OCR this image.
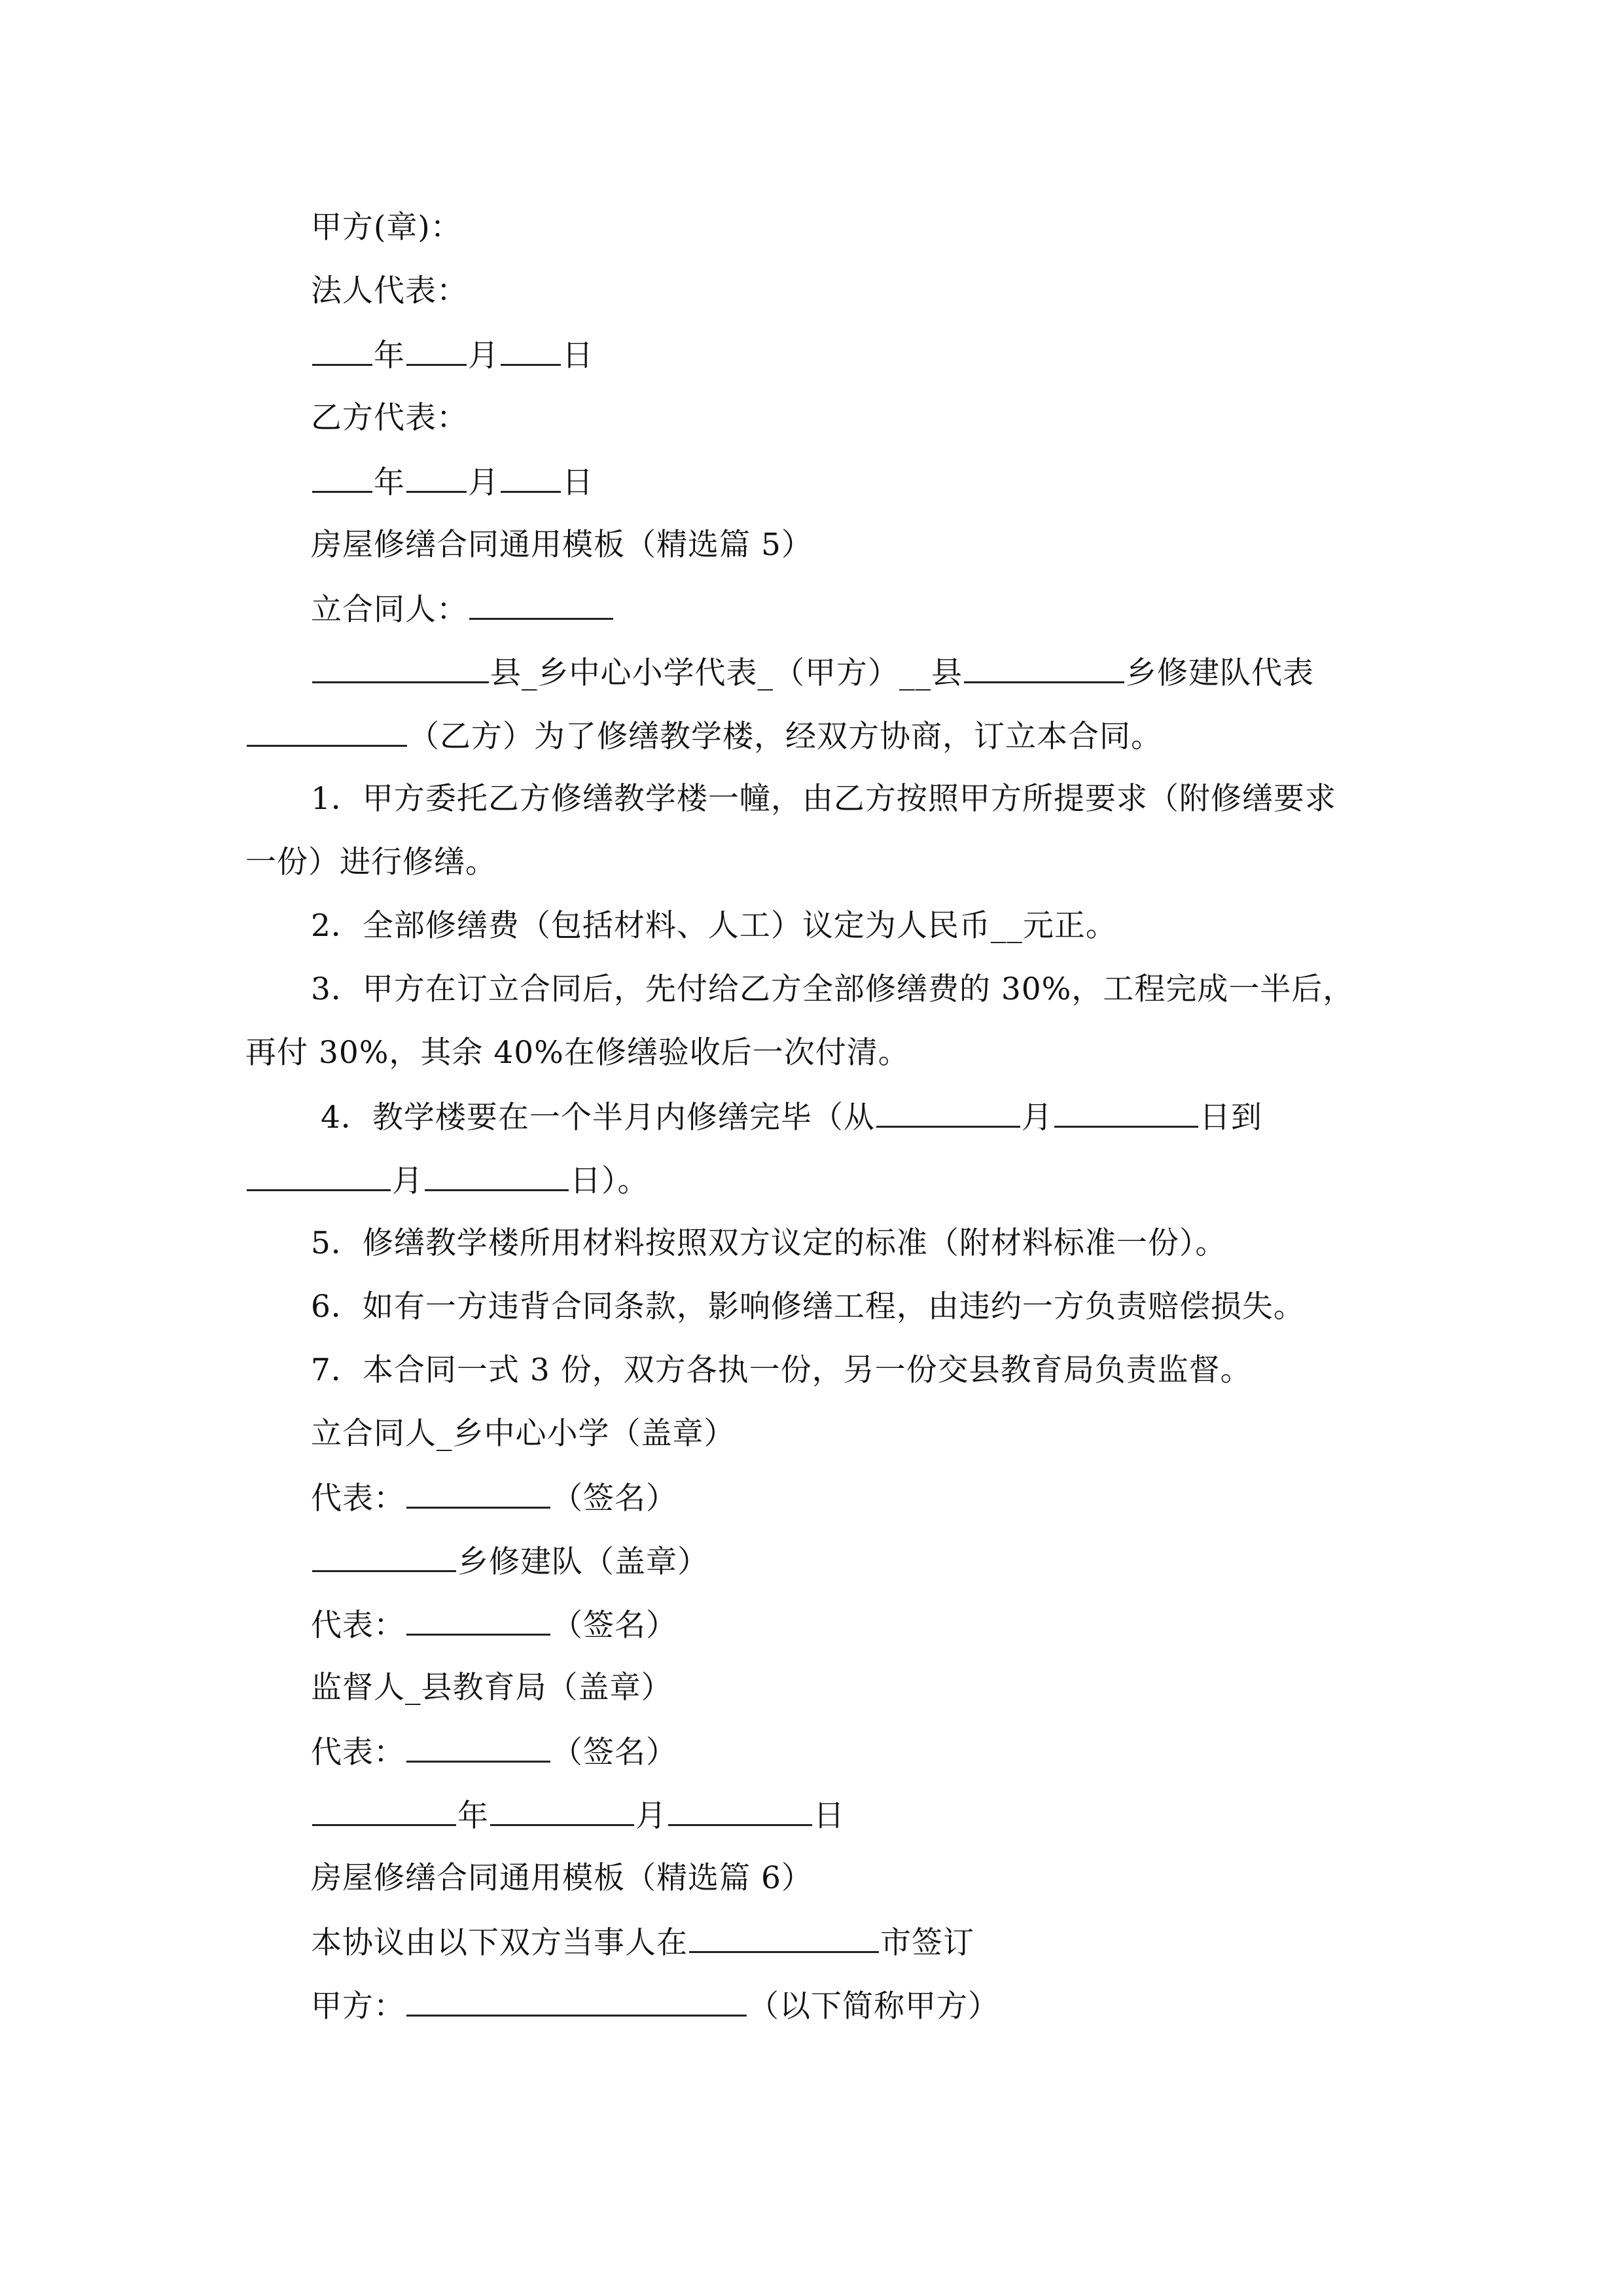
甲方(章)：
法人代表：
年 月 日
乙方代表：
年 月 日
房屋修缮合同通用模板（精选篇 5）
立合同人：
县_乡中心小学代表_（甲方）__县	乡修建队代表
（乙方）为了修缮教学楼，经双方协商，订立本合同。
1．甲方委托乙方修缮教学楼一幢，由乙方按照甲方所提要求（附修缮要求
一份）进行修缮。
2．全部修缮费（包括材料、人工）议定为人民币__元正。
3．甲方在订立合同后，先付给乙方全部修缮费的 30%，工程完成一半后，
再付 30%，其余 40%在修缮验收后一次付清。
4．教学楼要在一个半月内修缮完毕（从	月	日到
月	日）。
5．修缮教学楼所用材料按照双方议定的标准（附材料标准一份）。
6．如有一方违背合同条款，影响修缮工程，由违约一方负责赔偿损失。
7．本合同一式 3 份，双方各执一份，另一份交县教育局负责监督。
立合同人_乡中心小学（盖章）
代表：	（签名）
乡修建队（盖章）
代表：	（签名）
监督人_县教育局（盖章）
代表：	（签名）
年	月	日
房屋修缮合同通用模板（精选篇 6）
本协议由以下双方当事人在	市签订
甲方：	（以下简称甲方）
